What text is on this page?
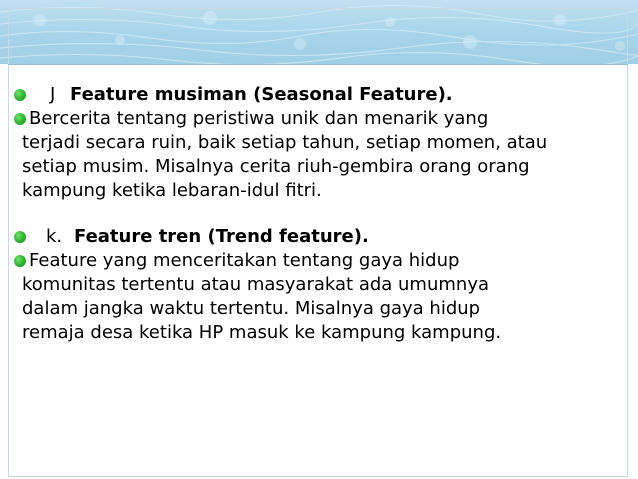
J Feature musiman (Seasonal Feature).
Bercerita tentang peristiwa unik dan menarik yang
terjadi secara ruin, baik setiap tahun, setiap momen, atau
setiap musim. Misalnya cerita riuh-gembira orang orang
kampung ketika lebaran-idul fitri.
k. Feature tren (Trend feature).
Feature yang menceritakan tentang gaya hidup
komunitas tertentu atau masyarakat ada umumnya
dalam jangka waktu tertentu. Misalnya gaya hidup
remaja desa ketika HP masuk ke kampung kampung.
